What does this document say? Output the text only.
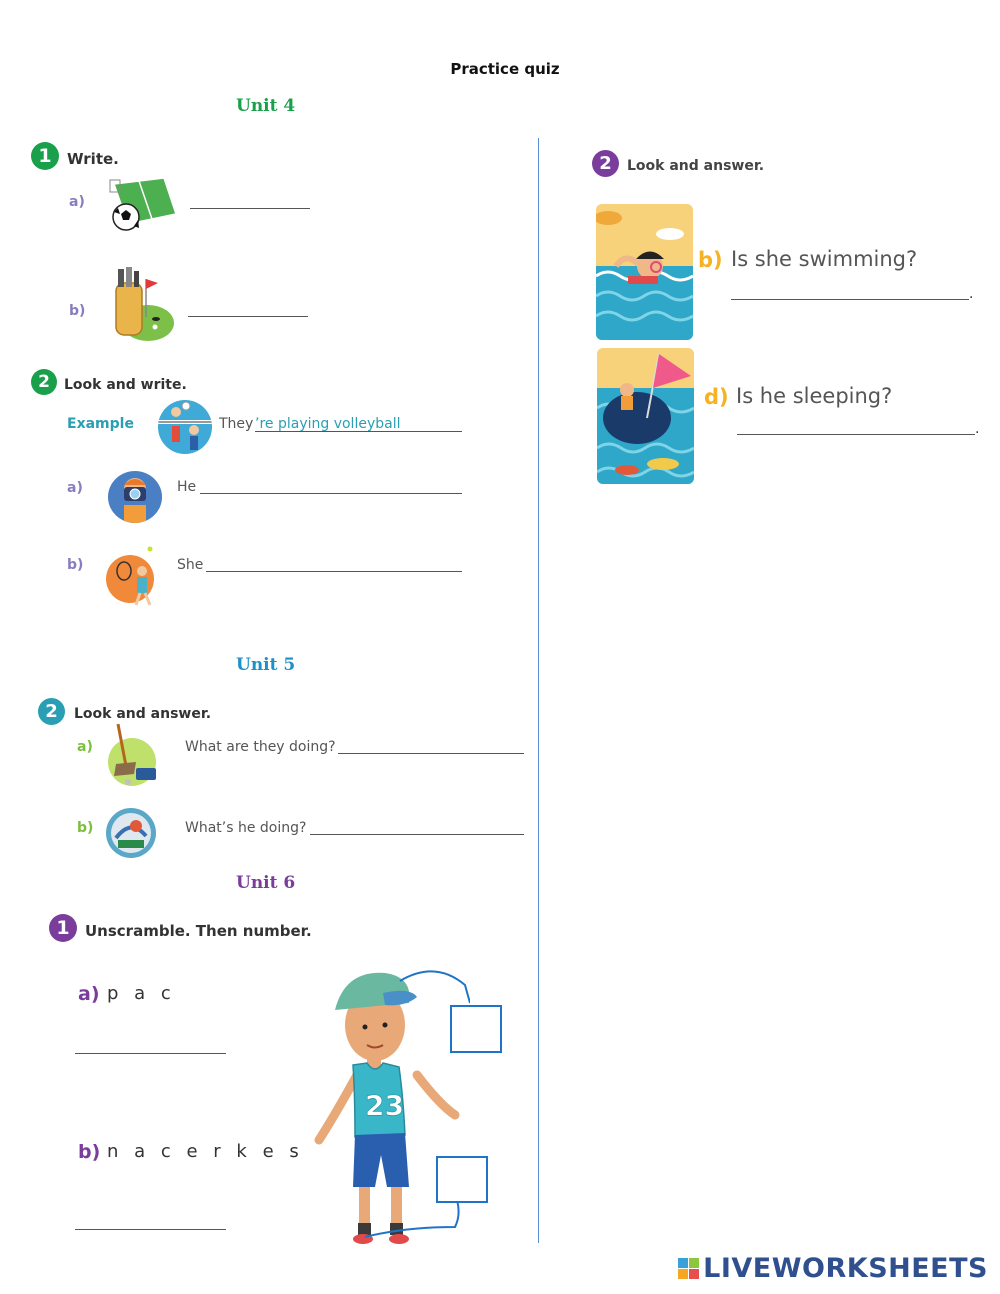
Practice quiz
Unit 4
1	Write.
a)
b)
2	Look and write.
Example	They ’re playing volleyball
a)	He
b)	She
Unit 5
2	Look and answer.
a)	What are they doing?
b)	What’s he doing?
Unit 6
1	Unscramble. Then number.
a) p a c
b) n a c e r k e s
23
2	Look and answer.
b) Is she swimming?
.
d) Is he sleeping?
.
LIVEWORKSHEETS
